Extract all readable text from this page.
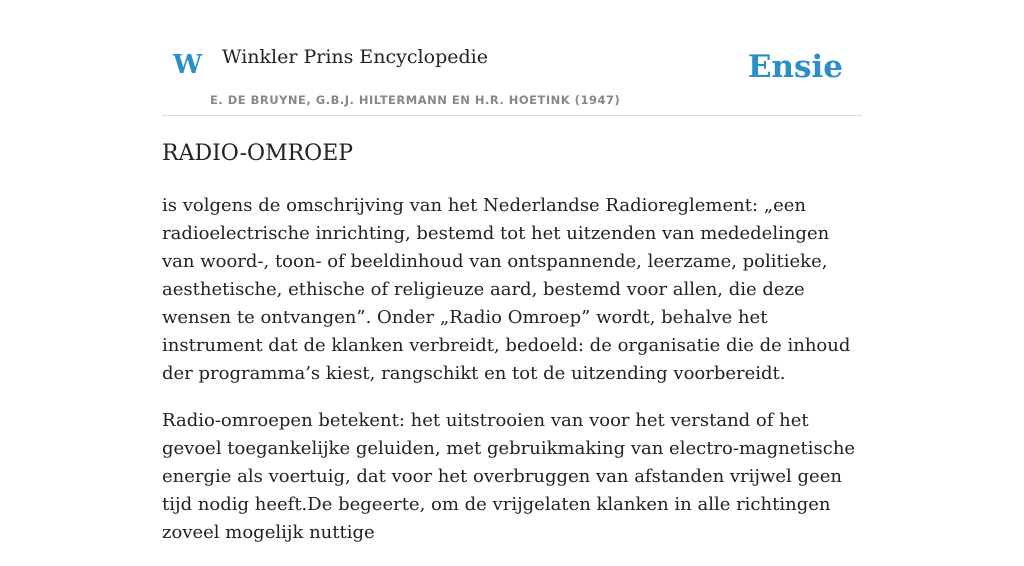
W Winkler Prins Encyclopedie
E. DE BRUYNE, G.B.J. HILTERMANN EN H.R. HOETINK (1947)
Ensie
RADIO-OMROEP

is volgens de omschrijving van het Nederlandse Radioreglement: „een radioelectrische inrichting, bestemd tot het uitzenden van mededelingen van woord-, toon- of beeldinhoud van ontspannende, leerzame, politieke, aesthetische, ethische of religieuze aard, bestemd voor allen, die deze wensen te ontvangen”. Onder „Radio Omroep” wordt, behalve het instrument dat de klanken verbreidt, bedoeld: de organisatie die de inhoud der programma’s kiest, rangschikt en tot de uitzending voorbereidt.

Radio-omroepen betekent: het uitstrooien van voor het verstand of het gevoel toegankelijke geluiden, met gebruikmaking van electro-magnetische energie als voertuig, dat voor het overbruggen van afstanden vrijwel geen tijd nodig heeft.De begeerte, om de vrijgelaten klanken in alle richtingen zoveel mogelijk nuttige
